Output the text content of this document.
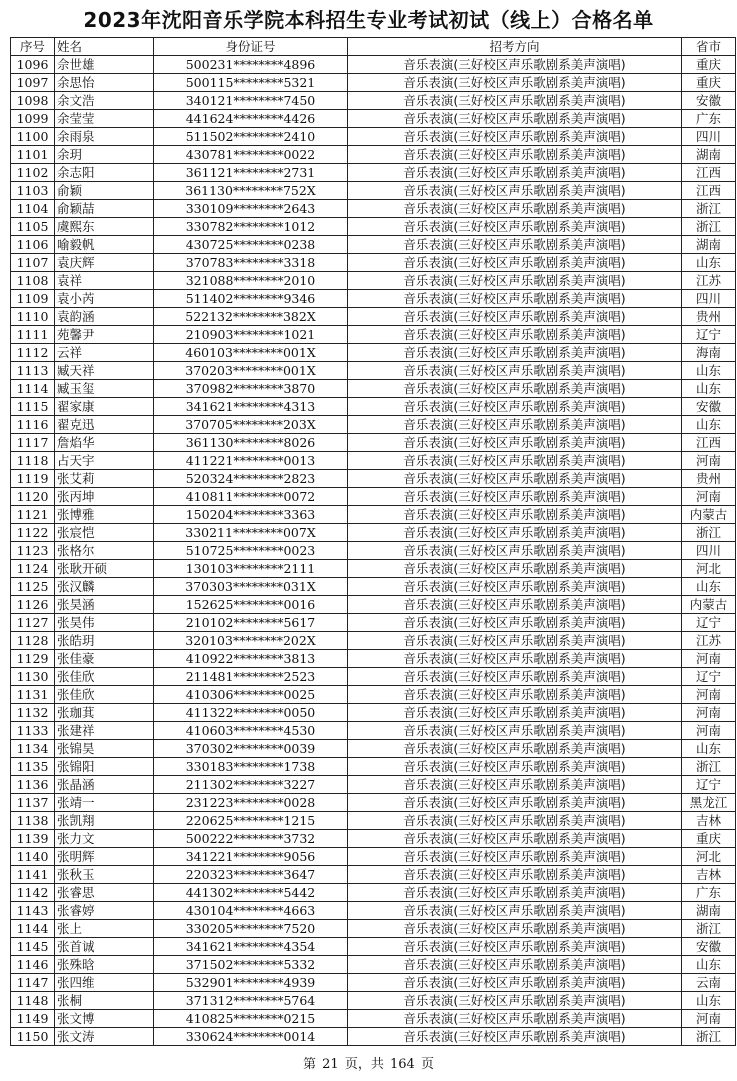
2023年沈阳音乐学院本科招生专业考试初试（线上）合格名单
序号	姓名	身份证号	招考方向	省市
1096	佘世雄	500231********4896	音乐表演(三好校区声乐歌剧系美声演唱)	重庆
1097	余思怡	500115********5321	音乐表演(三好校区声乐歌剧系美声演唱)	重庆
1098	余文浩	340121********7450	音乐表演(三好校区声乐歌剧系美声演唱)	安徽
1099	余莹莹	441624********4426	音乐表演(三好校区声乐歌剧系美声演唱)	广东
1100	余雨泉	511502********2410	音乐表演(三好校区声乐歌剧系美声演唱)	四川
1101	余玥	430781********0022	音乐表演(三好校区声乐歌剧系美声演唱)	湖南
1102	余志阳	361121********2731	音乐表演(三好校区声乐歌剧系美声演唱)	江西
1103	俞颖	361130********752X	音乐表演(三好校区声乐歌剧系美声演唱)	江西
1104	俞颖喆	330109********2643	音乐表演(三好校区声乐歌剧系美声演唱)	浙江
1105	虞熙东	330782********1012	音乐表演(三好校区声乐歌剧系美声演唱)	浙江
1106	喻毅帆	430725********0238	音乐表演(三好校区声乐歌剧系美声演唱)	湖南
1107	袁庆辉	370783********3318	音乐表演(三好校区声乐歌剧系美声演唱)	山东
1108	袁祥	321088********2010	音乐表演(三好校区声乐歌剧系美声演唱)	江苏
1109	袁小芮	511402********9346	音乐表演(三好校区声乐歌剧系美声演唱)	四川
1110	袁韵涵	522132********382X	音乐表演(三好校区声乐歌剧系美声演唱)	贵州
1111	苑馨尹	210903********1021	音乐表演(三好校区声乐歌剧系美声演唱)	辽宁
1112	云祥	460103********001X	音乐表演(三好校区声乐歌剧系美声演唱)	海南
1113	臧天祥	370203********001X	音乐表演(三好校区声乐歌剧系美声演唱)	山东
1114	臧玉玺	370982********3870	音乐表演(三好校区声乐歌剧系美声演唱)	山东
1115	翟家康	341621********4313	音乐表演(三好校区声乐歌剧系美声演唱)	安徽
1116	翟克迅	370705********203X	音乐表演(三好校区声乐歌剧系美声演唱)	山东
1117	詹焰华	361130********8026	音乐表演(三好校区声乐歌剧系美声演唱)	江西
1118	占天宇	411221********0013	音乐表演(三好校区声乐歌剧系美声演唱)	河南
1119	张艾莉	520324********2823	音乐表演(三好校区声乐歌剧系美声演唱)	贵州
1120	张丙坤	410811********0072	音乐表演(三好校区声乐歌剧系美声演唱)	河南
1121	张博雅	150204********3363	音乐表演(三好校区声乐歌剧系美声演唱)	内蒙古
1122	张宸恺	330211********007X	音乐表演(三好校区声乐歌剧系美声演唱)	浙江
1123	张格尔	510725********0023	音乐表演(三好校区声乐歌剧系美声演唱)	四川
1124	张耿开硕	130103********2111	音乐表演(三好校区声乐歌剧系美声演唱)	河北
1125	张汉麟	370303********031X	音乐表演(三好校区声乐歌剧系美声演唱)	山东
1126	张昊涵	152625********0016	音乐表演(三好校区声乐歌剧系美声演唱)	内蒙古
1127	张昊伟	210102********5617	音乐表演(三好校区声乐歌剧系美声演唱)	辽宁
1128	张皓玥	320103********202X	音乐表演(三好校区声乐歌剧系美声演唱)	江苏
1129	张佳豪	410922********3813	音乐表演(三好校区声乐歌剧系美声演唱)	河南
1130	张佳欣	211481********2523	音乐表演(三好校区声乐歌剧系美声演唱)	辽宁
1131	张佳欣	410306********0025	音乐表演(三好校区声乐歌剧系美声演唱)	河南
1132	张珈萁	411322********0050	音乐表演(三好校区声乐歌剧系美声演唱)	河南
1133	张建祥	410603********4530	音乐表演(三好校区声乐歌剧系美声演唱)	河南
1134	张锦昊	370302********0039	音乐表演(三好校区声乐歌剧系美声演唱)	山东
1135	张锦阳	330183********1738	音乐表演(三好校区声乐歌剧系美声演唱)	浙江
1136	张晶涵	211302********3227	音乐表演(三好校区声乐歌剧系美声演唱)	辽宁
1137	张靖一	231223********0028	音乐表演(三好校区声乐歌剧系美声演唱)	黑龙江
1138	张凯翔	220625********1215	音乐表演(三好校区声乐歌剧系美声演唱)	吉林
1139	张力文	500222********3732	音乐表演(三好校区声乐歌剧系美声演唱)	重庆
1140	张明辉	341221********9056	音乐表演(三好校区声乐歌剧系美声演唱)	河北
1141	张秋玉	220323********3647	音乐表演(三好校区声乐歌剧系美声演唱)	吉林
1142	张睿思	441302********5442	音乐表演(三好校区声乐歌剧系美声演唱)	广东
1143	张睿婷	430104********4663	音乐表演(三好校区声乐歌剧系美声演唱)	湖南
1144	张上	330205********7520	音乐表演(三好校区声乐歌剧系美声演唱)	浙江
1145	张首诚	341621********4354	音乐表演(三好校区声乐歌剧系美声演唱)	安徽
1146	张殊晗	371502********5332	音乐表演(三好校区声乐歌剧系美声演唱)	山东
1147	张四维	532901********4939	音乐表演(三好校区声乐歌剧系美声演唱)	云南
1148	张桐	371312********5764	音乐表演(三好校区声乐歌剧系美声演唱)	山东
1149	张文博	410825********0215	音乐表演(三好校区声乐歌剧系美声演唱)	河南
1150	张文涛	330624********0014	音乐表演(三好校区声乐歌剧系美声演唱)	浙江
第 21 页，共 164 页
